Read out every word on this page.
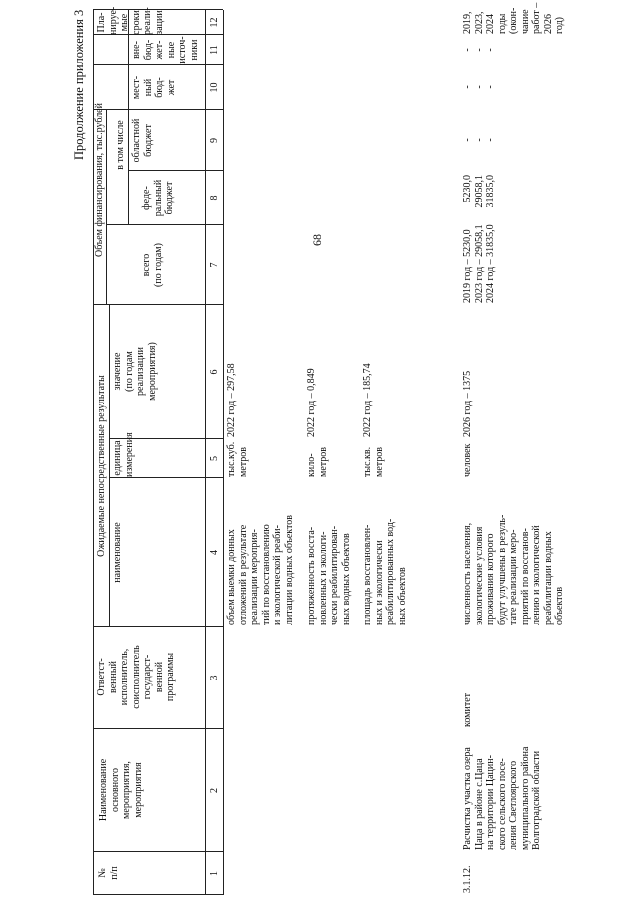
68
Продолжение приложения 3
№ п/п
Наименование основного мероприятия, мероприятия
Ответст- венный исполнитель, соисполнитель государст- венной программы
Ожидаемые непосредственные результаты наименование
единица измерения
значение (по годам реализации мероприятия)
Объем финансирования, тыс.рублей
всего (по годам)
в том числе
феде- ральный бюджет
областной бюджет
мест- ный бюд- жет
вне- бюд- жет- ные источ- ники
Пла- нируе- мые сроки реали- зации
1
2
3
4
5
6
7
8
9
10
11
12
объем выемки донных отложений в результате реализации мероприя- тий по восстановлению и экологической реаби- литации водных объектов
тыс.куб. метров
2022 год – 297,58
протяженность восста- новленных и экологи- чески реабилитирован- ных водных объектов
кило- метров
2022 год – 0,849
площадь восстановлен- ных и экологически реабилитированных вод- ных объектов
тыс.кв. метров
2022 год – 185,74
3.1.12.
Расчистка участка озера Цаца в районе с.Цаца на территории Цацин- ского сельского посе- ления Светлоярского муниципального района Волгоградской области
комитет
численность населения, экологические условия проживания которого будут улучшены в резуль- тате реализации меро- приятий по восстанов- лению и экологической реабилитации водных объектов
человек
2026 год – 1375
2019 год – 5230,0 2023 год – 29058,1 2024 год – 31835,0
5230,0 29058,1 31835,0
- - -
- - -
- - -
2019, 2023, 2024 годы (окон- чание работ – 2026 год)
